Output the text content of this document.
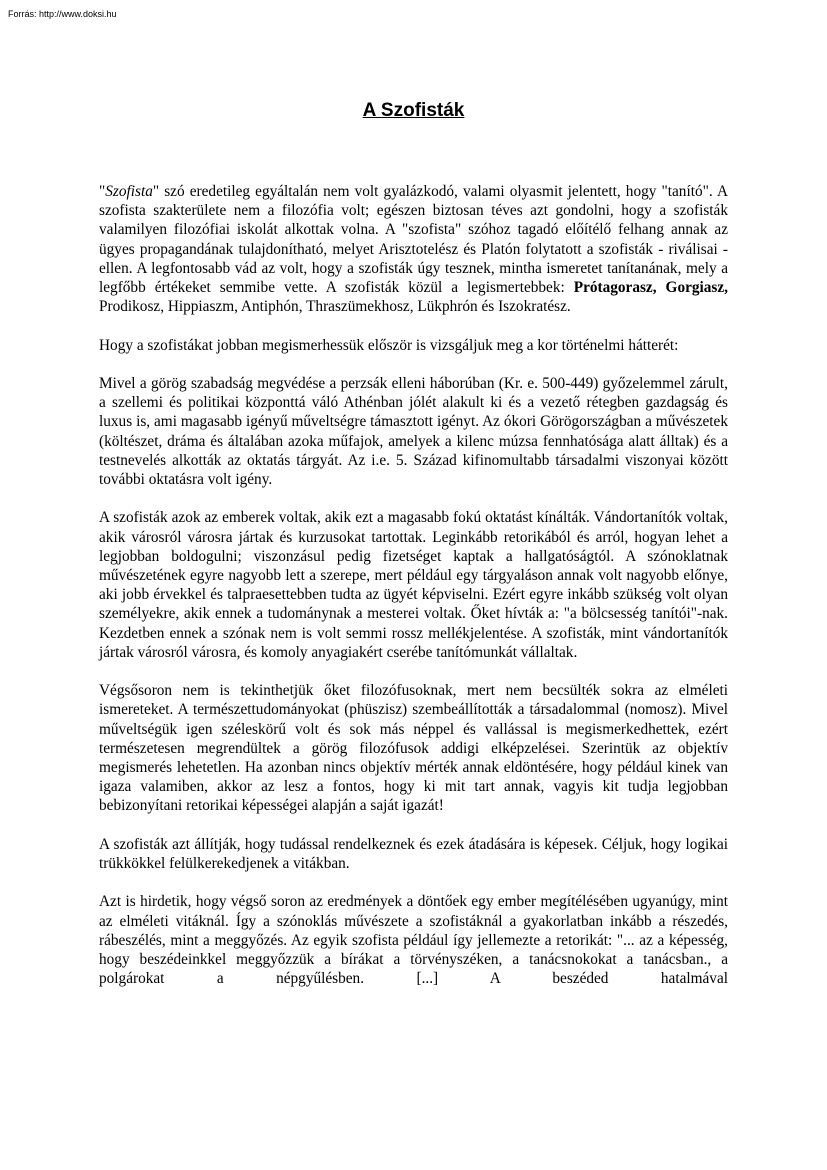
Forrás: http://www.doksi.hu
A Szofisták

"Szofista" szó eredetileg egyáltalán nem volt gyalázkodó, valami olyasmit jelentett, hogy "tanító". A szofista szakterülete nem a filozófia volt; egészen biztosan téves azt gondolni, hogy a szofisták valamilyen filozófiai iskolát alkottak volna. A "szofista" szóhoz tagadó előítélő felhang annak az ügyes propagandának tulajdonítható, melyet Arisztotelész és Platón folytatott a szofisták - riválisai - ellen. A legfontosabb vád az volt, hogy a szofisták úgy tesznek, mintha ismeretet tanítanának, mely a legfőbb értékeket semmibe vette. A szofisták közül a legismertebbek: Prótagorasz, Gorgiasz, Prodikosz, Hippiaszm, Antiphón, Thraszümekhosz, Lükphrón és Iszokratész.

Hogy a szofistákat jobban megismerhessük először is vizsgáljuk meg a kor történelmi hátterét:

Mivel a görög szabadság megvédése a perzsák elleni háborúban (Kr. e. 500-449) győzelemmel zárult, a szellemi és politikai központtá váló Athénban jólét alakult ki és a vezető rétegben gazdagság és luxus is, ami magasabb igényű műveltségre támasztott igényt. Az ókori Görögországban a művészetek (költészet, dráma és általában azoka műfajok, amelyek a kilenc múzsa fennhatósága alatt álltak) és a testnevelés alkották az oktatás tárgyát. Az i.e. 5. Század kifinomultabb társadalmi viszonyai között további oktatásra volt igény.

A szofisták azok az emberek voltak, akik ezt a magasabb fokú oktatást kínálták. Vándortanítók voltak, akik városról városra jártak és kurzusokat tartottak. Leginkább retorikából és arról, hogyan lehet a legjobban boldogulni; viszonzásul pedig fizetséget kaptak a hallgatóságtól. A szónoklatnak művészetének egyre nagyobb lett a szerepe, mert például egy tárgyaláson annak volt nagyobb előnye, aki jobb érvekkel és talpraesettebben tudta az ügyét képviselni. Ezért egyre inkább szükség volt olyan személyekre, akik ennek a tudománynak a mesterei voltak. Őket hívták a: "a bölcsesség tanítói"-nak. Kezdetben ennek a szónak nem is volt semmi rossz mellékjelentése. A szofisták, mint vándortanítók jártak városról városra, és komoly anyagiakért cserébe tanítómunkát vállaltak.

Végsősoron nem is tekinthetjük őket filozófusoknak, mert nem becsülték sokra az elméleti ismereteket. A természettudományokat (phüszisz) szembeállították a társadalommal (nomosz). Mivel műveltségük igen széleskörű volt és sok más néppel és vallással is megismerkedhettek, ezért természetesen megrendültek a görög filozófusok addigi elképzelései. Szerintük az objektív megismerés lehetetlen. Ha azonban nincs objektív mérték annak eldöntésére, hogy például kinek van igaza valamiben, akkor az lesz a fontos, hogy ki mit tart annak, vagyis kit tudja legjobban bebizonyítani retorikai képességei alapján a saját igazát!

A szofisták azt állítják, hogy tudással rendelkeznek és ezek átadására is képesek. Céljuk, hogy logikai trükkökkel felülkerekedjenek a vitákban.

Azt is hirdetik, hogy végső soron az eredmények a döntőek egy ember megítélésében ugyanúgy, mint az elméleti vitáknál. Így a szónoklás művészete a szofistáknál a gyakorlatban inkább a részedés, rábeszélés, mint a meggyőzés. Az egyik szofista például így jellemezte a retorikát: "... az a képesség, hogy beszédeinkkel meggyőzzük a bírákat a törvényszéken, a tanácsnokokat a tanácsban., a polgárokat a népgyűlésben. [...] A beszéded hatalmával
